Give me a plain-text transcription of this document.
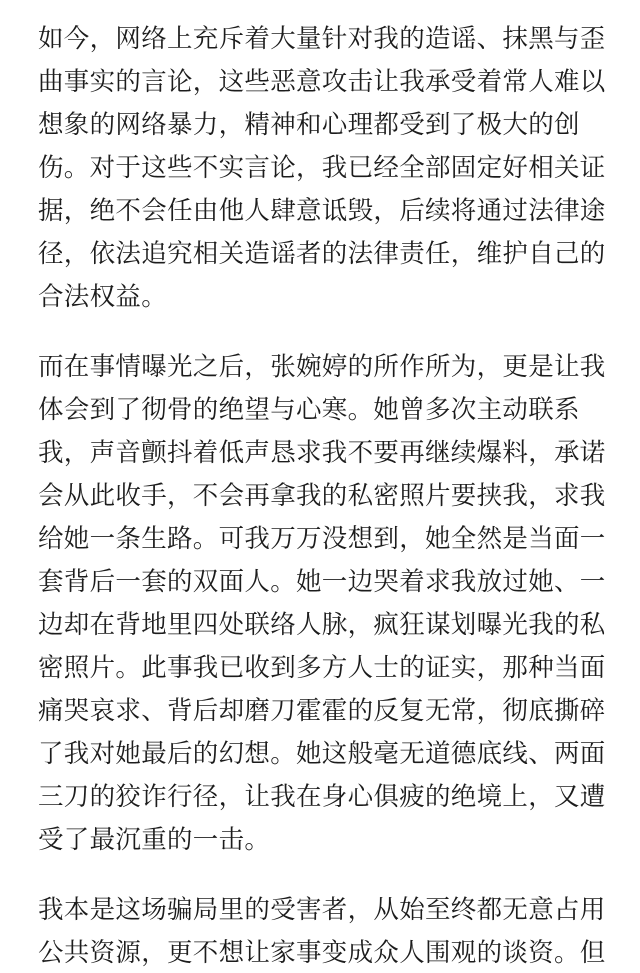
如今，网络上充斥着大量针对我的造谣、抹黑与歪
曲事实的言论，这些恶意攻击让我承受着常人难以
想象的网络暴力，精神和心理都受到了极大的创
伤。对于这些不实言论，我已经全部固定好相关证
据，绝不会任由他人肆意诋毁，后续将通过法律途
径，依法追究相关造谣者的法律责任，维护自己的
合法权益。
而在事情曝光之后，张婉婷的所作所为，更是让我
体会到了彻骨的绝望与心寒。她曾多次主动联系
我，声音颤抖着低声恳求我不要再继续爆料，承诺
会从此收手，不会再拿我的私密照片要挟我，求我
给她一条生路。可我万万没想到，她全然是当面一
套背后一套的双面人。她一边哭着求我放过她、一
边却在背地里四处联络人脉，疯狂谋划曝光我的私
密照片。此事我已收到多方人士的证实，那种当面
痛哭哀求、背后却磨刀霍霍的反复无常，彻底撕碎
了我对她最后的幻想。她这般毫无道德底线、两面
三刀的狡诈行径，让我在身心俱疲的绝境上，又遭
受了最沉重的一击。
我本是这场骗局里的受害者，从始至终都无意占用
公共资源，更不想让家事变成众人围观的谈资。但
